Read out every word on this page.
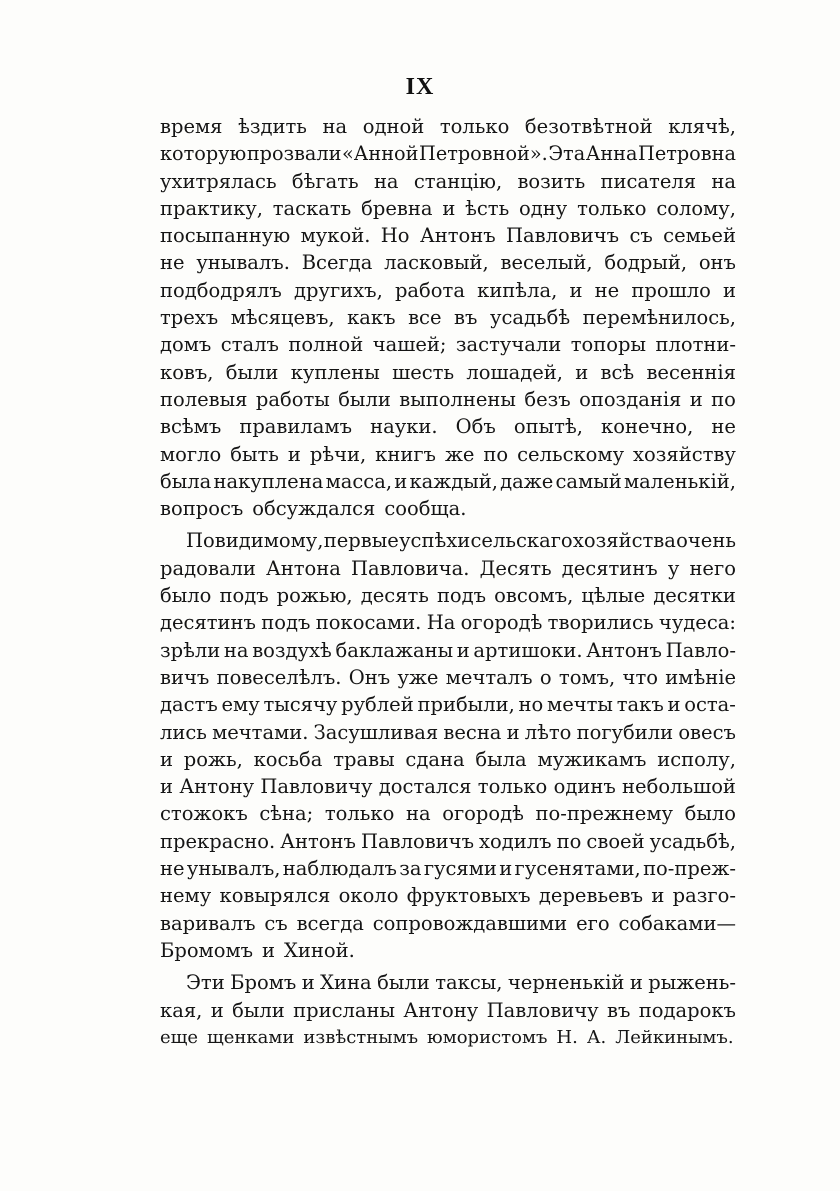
IX
время ѣздить на одной только безотвѣтной клячѣ,
которую прозвали «Анной Петровной». Эта Анна Петровна
ухитрялась бѣгать на станцію, возить писателя на
практику, таскать бревна и ѣсть одну только солому,
посыпанную мукой. Но Антонъ Павловичъ съ семьей
не унывалъ. Всегда ласковый, веселый, бодрый, онъ
подбодрялъ другихъ, работа кипѣла, и не прошло и
трехъ мѣсяцевъ, какъ все въ усадьбѣ перемѣнилось,
домъ сталъ полной чашей; застучали топоры плотни-
ковъ, были куплены шесть лошадей, и всѣ весеннія
полевыя работы были выполнены безъ опозданія и по
всѣмъ правиламъ науки. Объ опытѣ, конечно, не
могло быть и рѣчи, книгъ же по сельскому хозяйству
была накуплена масса, и каждый, даже самый маленькій,
вопросъ обсуждался сообща.
Повидимому, первые успѣхи сельскаго хозяйства очень
радовали Антона Павловича. Десять десятинъ у него
было подъ рожью, десять подъ овсомъ, цѣлые десятки
десятинъ подъ покосами. На огородѣ творились чудеса:
зрѣли на воздухѣ баклажаны и артишоки. Антонъ Павло-
вичъ повеселѣлъ. Онъ уже мечталъ о томъ, что имѣніе
дастъ ему тысячу рублей прибыли, но мечты такъ и оста-
лись мечтами. Засушливая весна и лѣто погубили овесъ
и рожь, косьба травы сдана была мужикамъ исполу,
и Антону Павловичу достался только одинъ небольшой
стожокъ сѣна; только на огородѣ по-прежнему было
прекрасно. Антонъ Павловичъ ходилъ по своей усадьбѣ,
не унывалъ, наблюдалъ за гусями и гусенятами, по-преж-
нему ковырялся около фруктовыхъ деревьевъ и разго-
варивалъ съ всегда сопровождавшими его собаками—
Бромомъ и Хиной.
Эти Бромъ и Хина были таксы, черненькій и рыжень-
кая, и были присланы Антону Павловичу въ подарокъ
еще щенками извѣстнымъ юмористомъ Н. А. Лейкинымъ.
